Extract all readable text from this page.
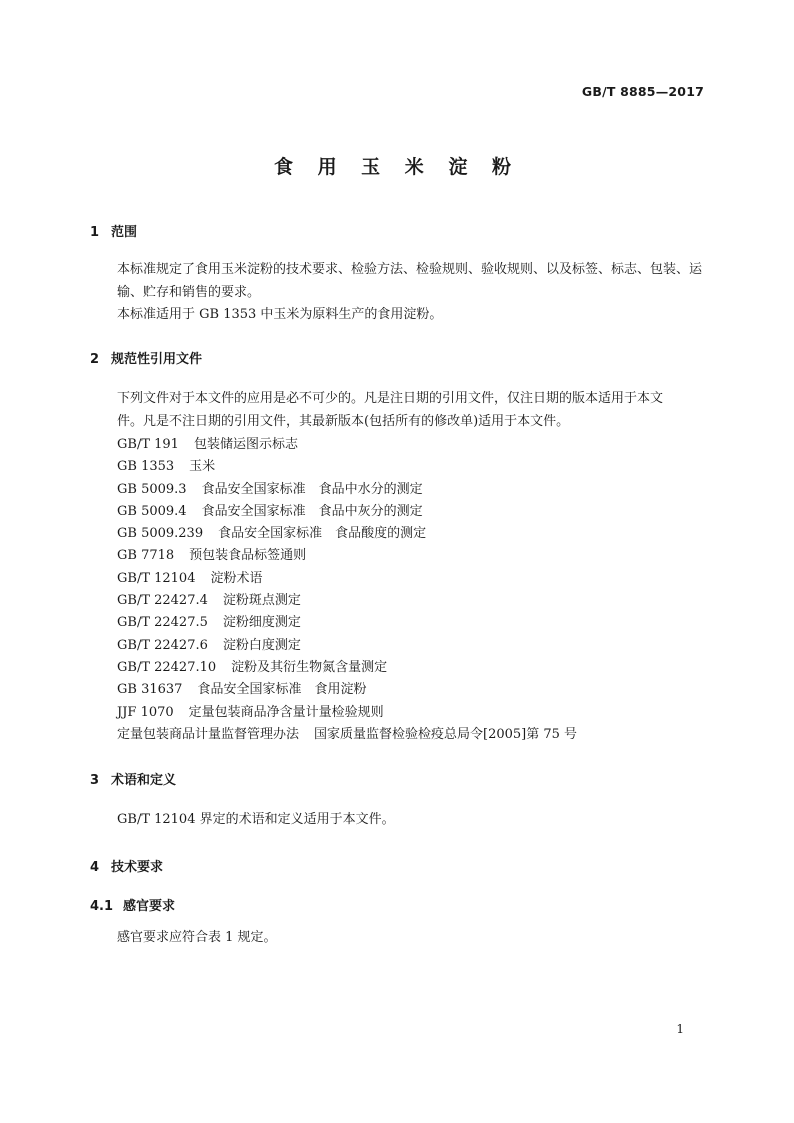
GB/T 8885—2017
食 用 玉 米 淀 粉
1 范围
本标准规定了食用玉米淀粉的技术要求、检验方法、检验规则、验收规则、以及标签、标志、包装、运
输、贮存和销售的要求。
本标准适用于 GB 1353 中玉米为原料生产的食用淀粉。
2 规范性引用文件
下列文件对于本文件的应用是必不可少的。凡是注日期的引用文件，仅注日期的版本适用于本文
件。凡是不注日期的引用文件，其最新版本(包括所有的修改单)适用于本文件。
GB/T 191 包装储运图示标志
GB 1353 玉米
GB 5009.3 食品安全国家标准　食品中水分的测定
GB 5009.4 食品安全国家标准　食品中灰分的测定
GB 5009.239 食品安全国家标准　食品酸度的测定
GB 7718 预包装食品标签通则
GB/T 12104 淀粉术语
GB/T 22427.4 淀粉斑点测定
GB/T 22427.5 淀粉细度测定
GB/T 22427.6 淀粉白度测定
GB/T 22427.10 淀粉及其衍生物氮含量测定
GB 31637 食品安全国家标准　食用淀粉
JJF 1070 定量包装商品净含量计量检验规则
定量包装商品计量监督管理办法 国家质量监督检验检疫总局令[2005]第 75 号
3 术语和定义
GB/T 12104 界定的术语和定义适用于本文件。
4 技术要求
4.1 感官要求
感官要求应符合表 1 规定。
1
